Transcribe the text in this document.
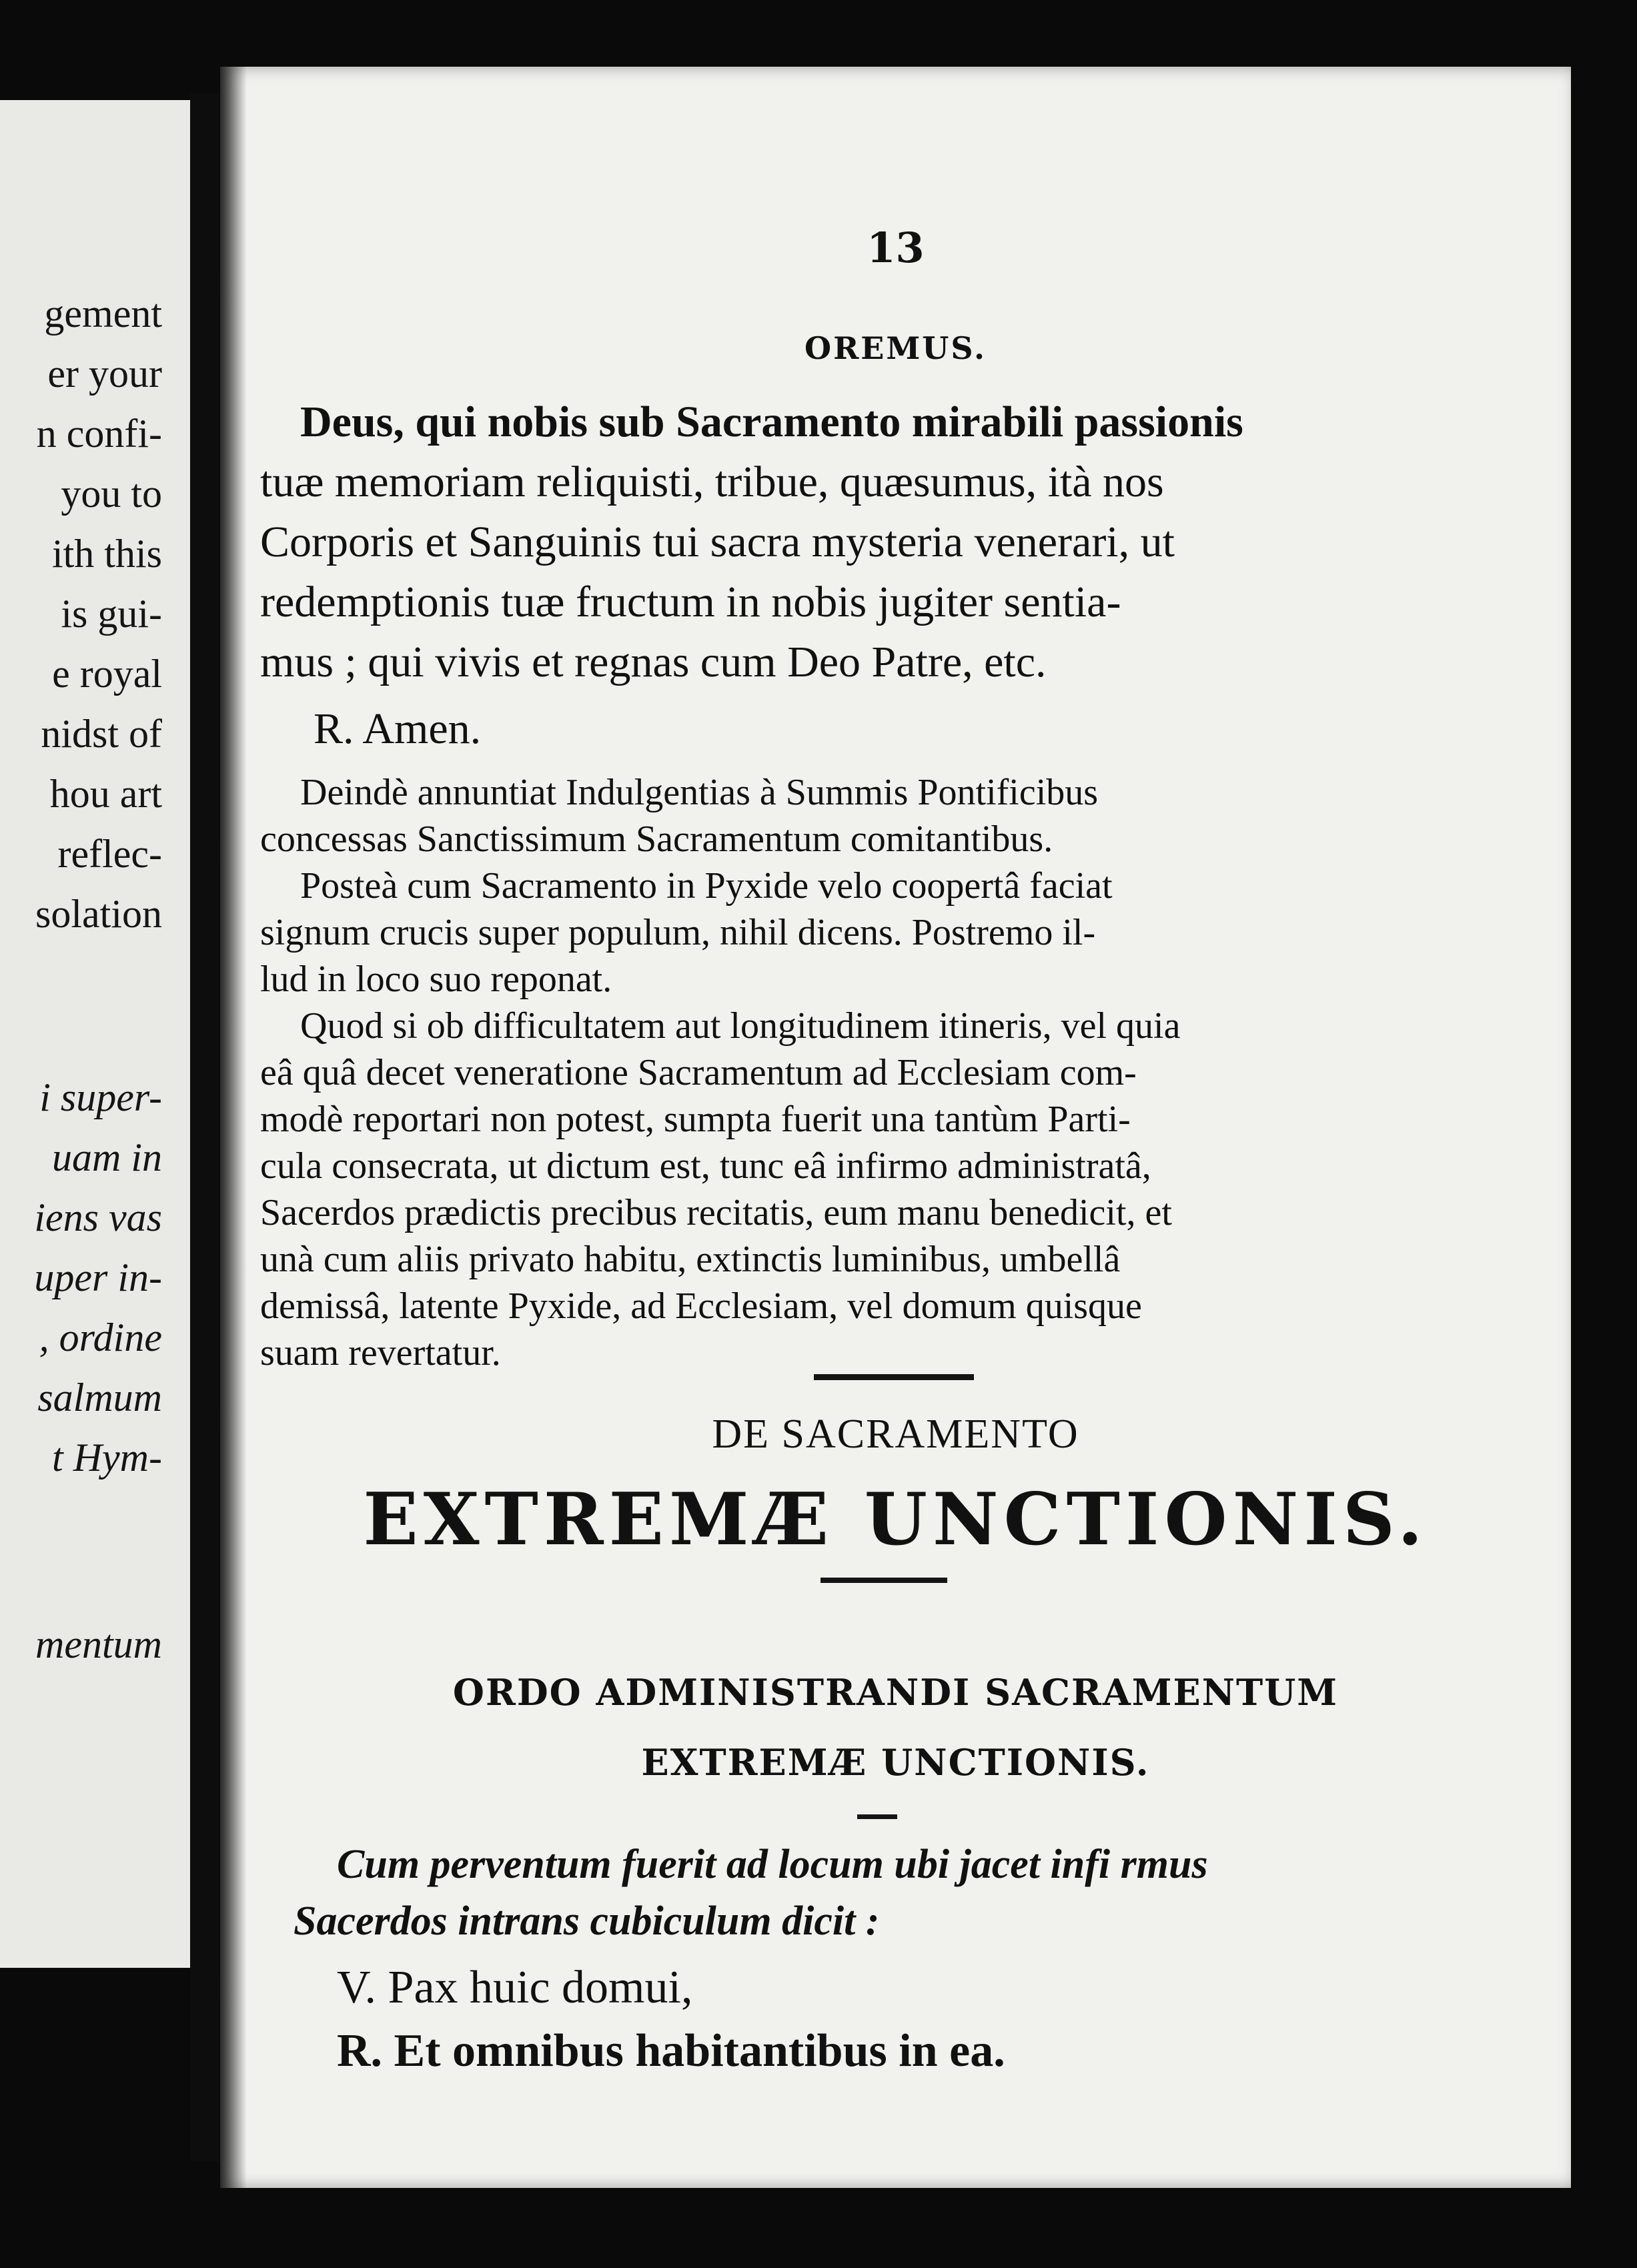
gement
er your
n confi-
you to
ith this
is gui-
e royal
nidst of
hou art
reflec-
solation
i super-
uam in
iens vas
uper in-
, ordine
salmum
t Hym-
mentum
13
OREMUS.
Deus, qui nobis sub Sacramento mirabili passionis
tuæ memoriam reliquisti, tribue, quæsumus, ità nos
Corporis et Sanguinis tui sacra mysteria venerari, ut
redemptionis tuæ fructum in nobis jugiter sentia-
mus ; qui vivis et regnas cum Deo Patre, etc.
R. Amen.
Deindè annuntiat Indulgentias à Summis Pontificibus
concessas Sanctissimum Sacramentum comitantibus.
Posteà cum Sacramento in Pyxide velo coopertâ faciat
signum crucis super populum, nihil dicens. Postremo il-
lud in loco suo reponat.
Quod si ob difficultatem aut longitudinem itineris, vel quia
eâ quâ decet veneratione Sacramentum ad Ecclesiam com-
modè reportari non potest, sumpta fuerit una tantùm Parti-
cula consecrata, ut dictum est, tunc eâ infirmo administratâ,
Sacerdos prædictis precibus recitatis, eum manu benedicit, et
unà cum aliis privato habitu, extinctis luminibus, umbellâ
demissâ, latente Pyxide, ad Ecclesiam, vel domum quisque
suam revertatur.
DE SACRAMENTO
EXTREMÆ UNCTIONIS.
ORDO ADMINISTRANDI SACRAMENTUM
EXTREMÆ UNCTIONIS.
Cum perventum fuerit ad locum ubi jacet infi rmus
Sacerdos intrans cubiculum dicit :
V. Pax huic domui,
R. Et omnibus habitantibus in ea.
